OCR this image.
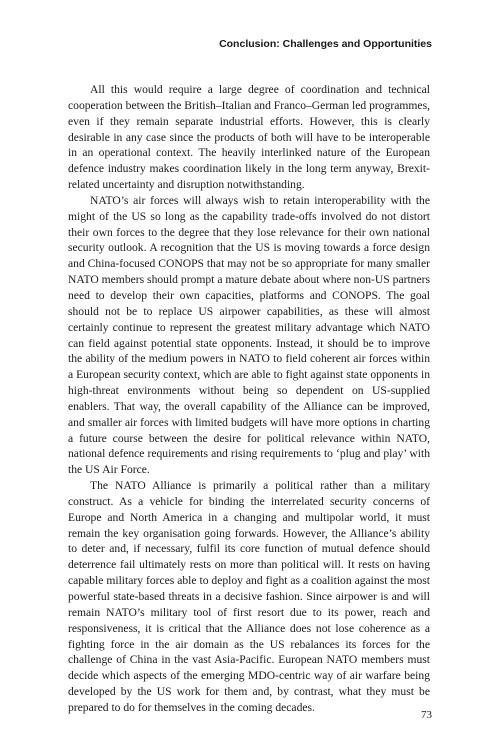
Conclusion: Challenges and Opportunities

All this would require a large degree of coordination and technical cooperation between the British–Italian and Franco–German led programmes, even if they remain separate industrial efforts. However, this is clearly desirable in any case since the products of both will have to be interoperable in an operational context. The heavily interlinked nature of the European defence industry makes coordination likely in the long term anyway, Brexit-related uncertainty and disruption notwithstanding.

NATO’s air forces will always wish to retain interoperability with the might of the US so long as the capability trade-offs involved do not distort their own forces to the degree that they lose relevance for their own national security outlook. A recognition that the US is moving towards a force design and China-focused CONOPS that may not be so appropriate for many smaller NATO members should prompt a mature debate about where non-US partners need to develop their own capacities, platforms and CONOPS. The goal should not be to replace US airpower capabilities, as these will almost certainly continue to represent the greatest military advantage which NATO can field against potential state opponents. Instead, it should be to improve the ability of the medium powers in NATO to field coherent air forces within a European security context, which are able to fight against state opponents in high-threat environments without being so dependent on US-supplied enablers. That way, the overall capability of the Alliance can be improved, and smaller air forces with limited budgets will have more options in charting a future course between the desire for political relevance within NATO, national defence requirements and rising requirements to ‘plug and play’ with the US Air Force.

The NATO Alliance is primarily a political rather than a military construct. As a vehicle for binding the interrelated security concerns of Europe and North America in a changing and multipolar world, it must remain the key organisation going forwards. However, the Alliance’s ability to deter and, if necessary, fulfil its core function of mutual defence should deterrence fail ultimately rests on more than political will. It rests on having capable military forces able to deploy and fight as a coalition against the most powerful state-based threats in a decisive fashion. Since airpower is and will remain NATO’s military tool of first resort due to its power, reach and responsiveness, it is critical that the Alliance does not lose coherence as a fighting force in the air domain as the US rebalances its forces for the challenge of China in the vast Asia-Pacific. European NATO members must decide which aspects of the emerging MDO-centric way of air warfare being developed by the US work for them and, by contrast, what they must be prepared to do for themselves in the coming decades.

73
